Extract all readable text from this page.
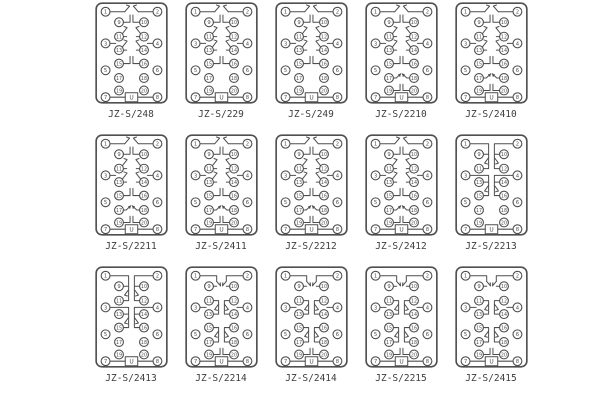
U
1	2
9	10
11	12
3	4
13	14
15	16
5	6
17	18
19	20
7	8
JZ-S/248
U
1	2
9	10
11	12
3	4
13	14
15	16
5	6
17	18
19	20
7	8
JZ-S/229
U
1	2
9	10
11	12
3	4
13	14
15	16
5	6
17	18
19	20
7	8
JZ-S/249
U
1	2
9	10
11	12
3	4
13	14
15	16
5	6
17	18
19	20
7	8
JZ-S/2210
U
1	2
9	10
11	12
3	4
13	14
15	16
5	6
17	18
19	20
7	8
JZ-S/2410
U
1	2
9	10
11	12
3	4
13	14
15	16
5	6
17	18
19	20
7	8
JZ-S/2211
U
1	2
9	10
11	12
3	4
13	14
15	16
5	6
17	18
19	20
7	8
JZ-S/2411
U
1	2
9	10
11	12
3	4
13	14
15	16
5	6
17	18
19	20
7	8
JZ-S/2212
U
1	2
9	10
11	12
3	4
13	14
15	16
5	6
17	18
19	20
7	8
JZ-S/2412
U
1	2
9	10
11	12
3	4
13	14
15	16
5	6
17	18
19	20
7	8
JZ-S/2213
U
1	2
9	10
11	12
3	4
13	14
15	16
5	6
17	18
19	20
7	8
JZ-S/2413
U
1	2
9	10
11	12
3	4
13	14
15	16
5	6
17	18
19	20
7	8
JZ-S/2214
U
1	2
9	10
11	12
3	4
13	14
15	16
5	6
17	18
19	20
7	8
JZ-S/2414
U
1	2
9	10
11	12
3	4
13	14
15	16
5	6
17	18
19	20
7	8
JZ-S/2215
U
1	2
9	10
11	12
3	4
13	14
15	16
5	6
17	18
19	20
7	8
JZ-S/2415
